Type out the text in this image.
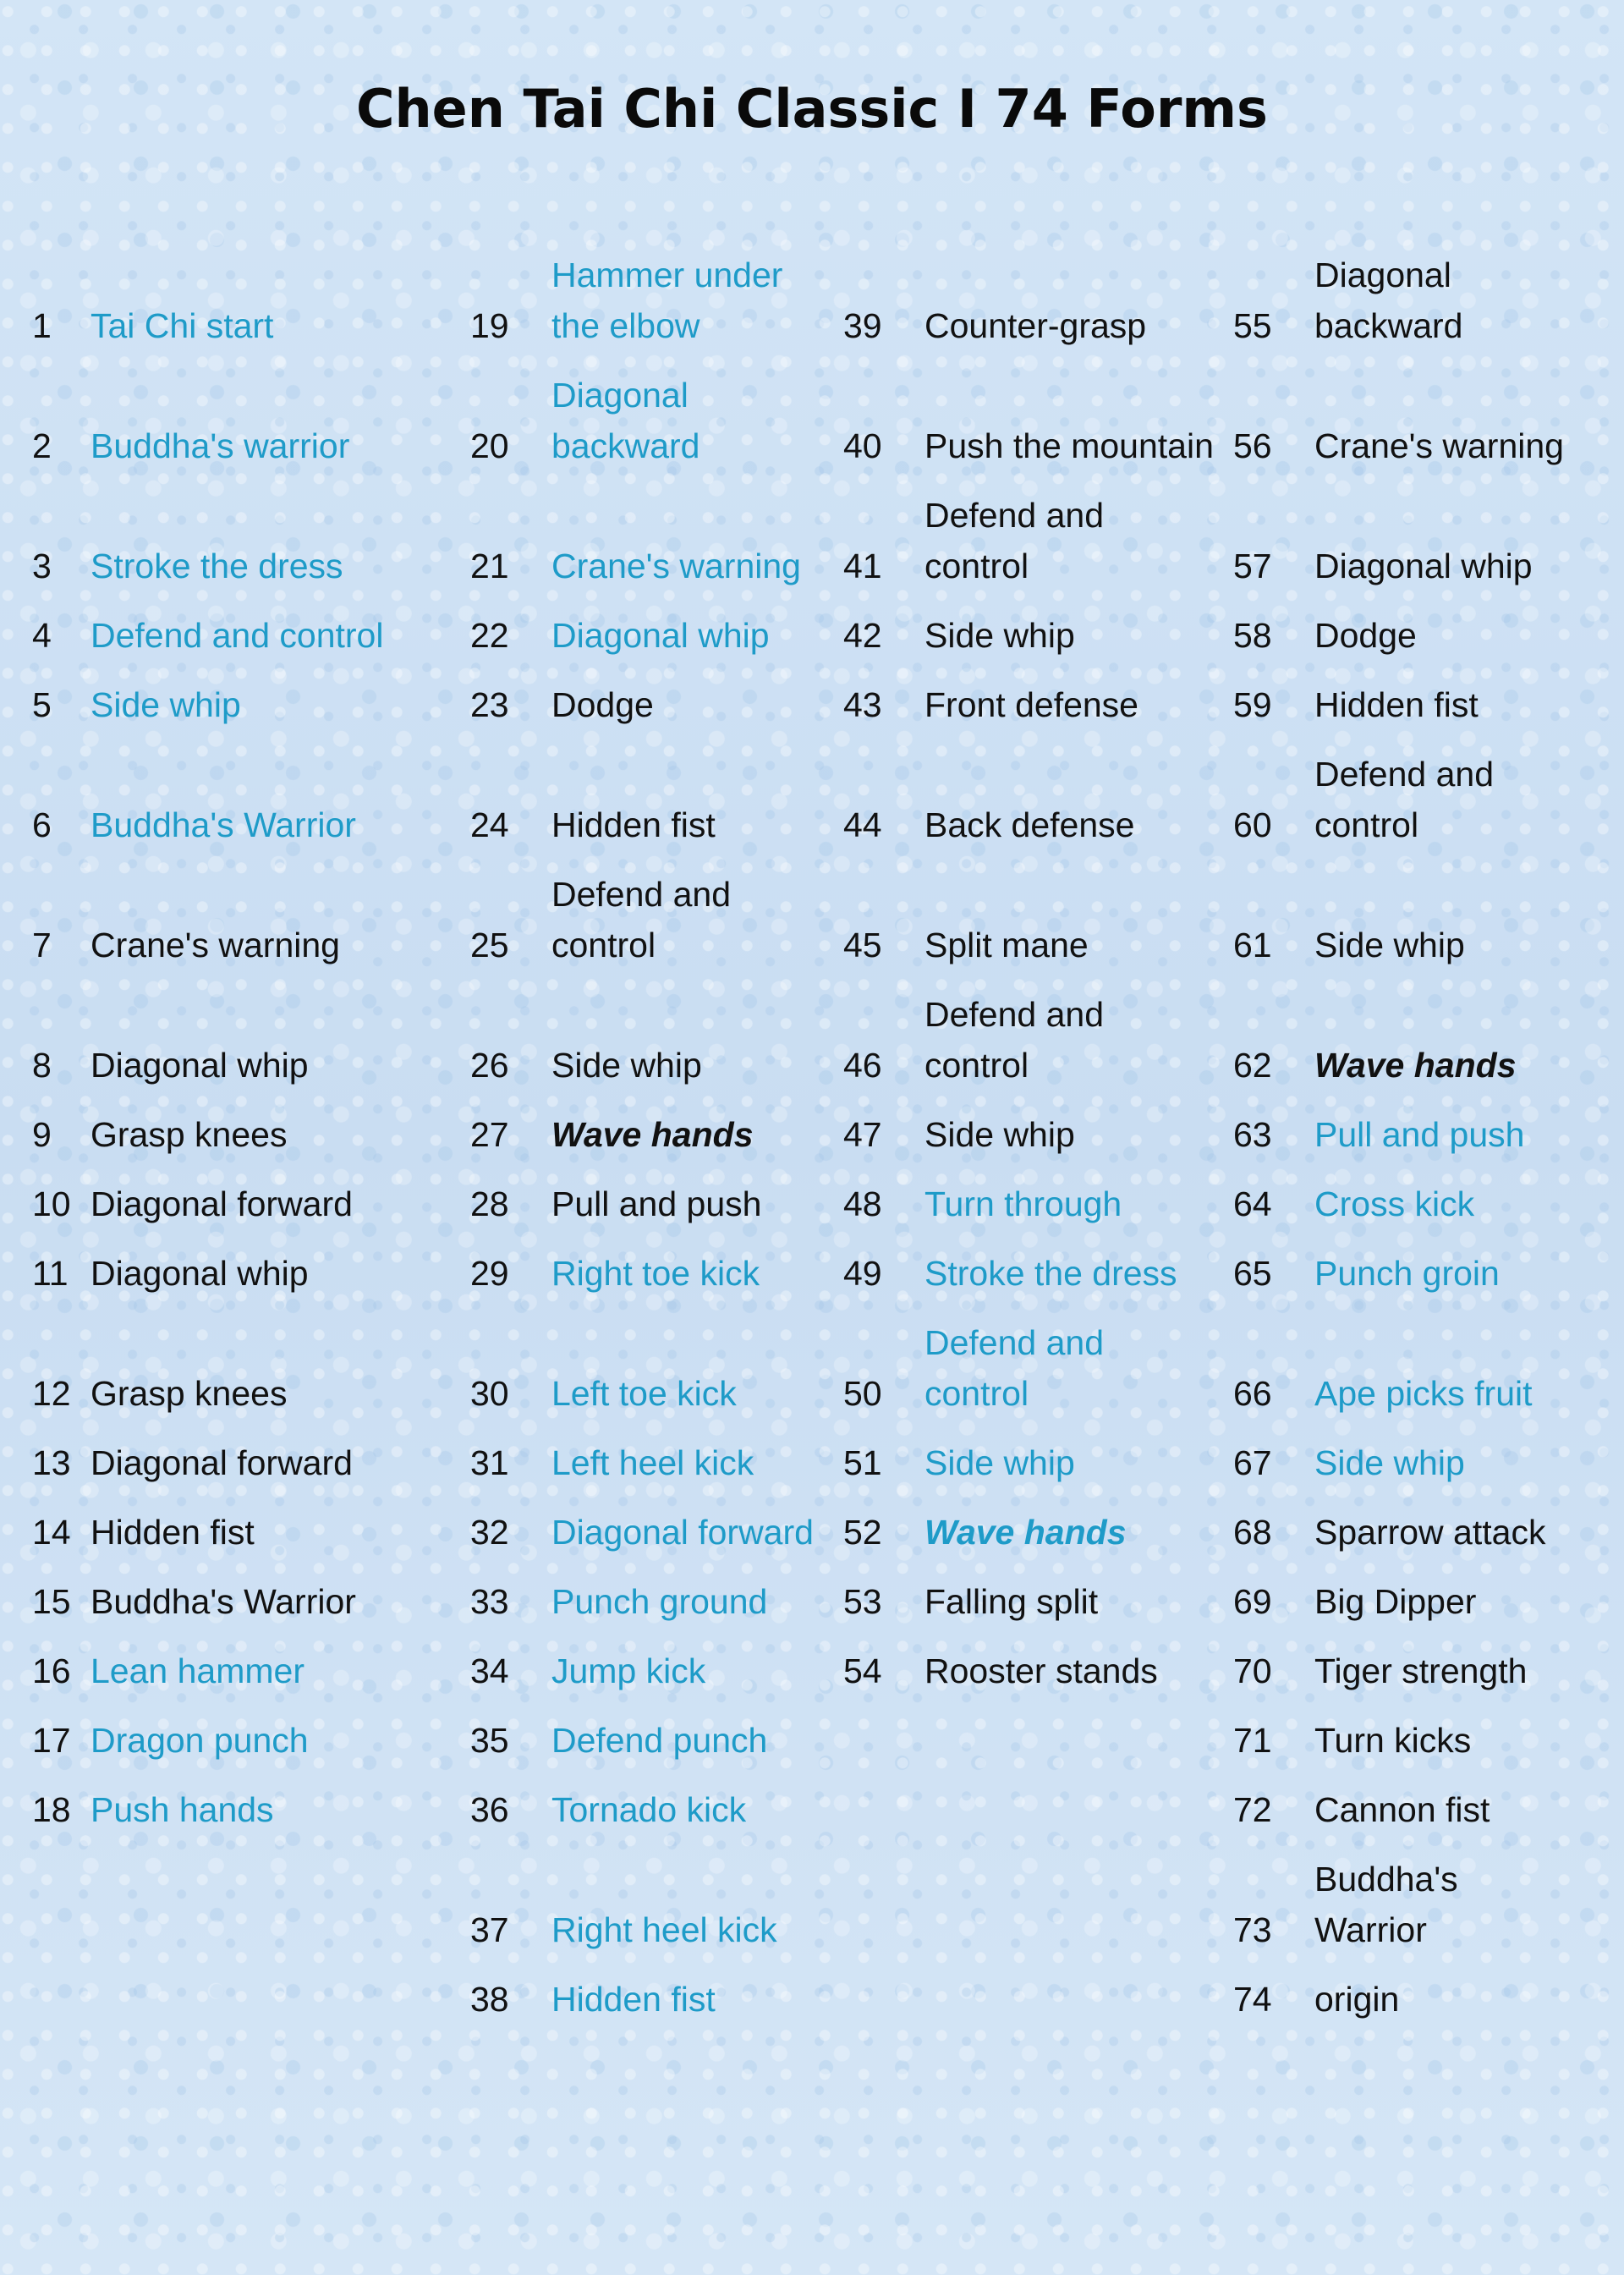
Chen Tai Chi Classic I 74 Forms
1 Tai Chi start
2 Buddha's warrior
3 Stroke the dress
4 Defend and control
5 Side whip
6 Buddha's Warrior
7 Crane's warning
8 Diagonal whip
9 Grasp knees
10 Diagonal forward
11 Diagonal whip
12 Grasp knees
13 Diagonal forward
14 Hidden fist
15 Buddha's Warrior
16 Lean hammer
17 Dragon punch
18 Push hands
19
Hammer under
the elbow
20
Diagonal
backward
21 Crane's warning
22 Diagonal whip
23 Dodge
24 Hidden fist
25
Defend and
control
26 Side whip
27 Wave hands
28 Pull and push
29 Right toe kick
30 Left toe kick
31 Left heel kick
32 Diagonal forward
33 Punch ground
34 Jump kick
35 Defend punch
36 Tornado kick
37 Right heel kick
38 Hidden fist
39 Counter-grasp
40 Push the mountain
41
Defend and
control
42 Side whip
43 Front defense
44 Back defense
45 Split mane
46
Defend and
control
47 Side whip
48 Turn through
49 Stroke the dress
50
Defend and
control
51 Side whip
52 Wave hands
53 Falling split
54 Rooster stands
55
Diagonal
backward
56 Crane's warning
57 Diagonal whip
58 Dodge
59 Hidden fist
60
Defend and
control
61 Side whip
62 Wave hands
63 Pull and push
64 Cross kick
65 Punch groin
66 Ape picks fruit
67 Side whip
68 Sparrow attack
69 Big Dipper
70 Tiger strength
71 Turn kicks
72 Cannon fist
73
Buddha's
Warrior
74 origin
